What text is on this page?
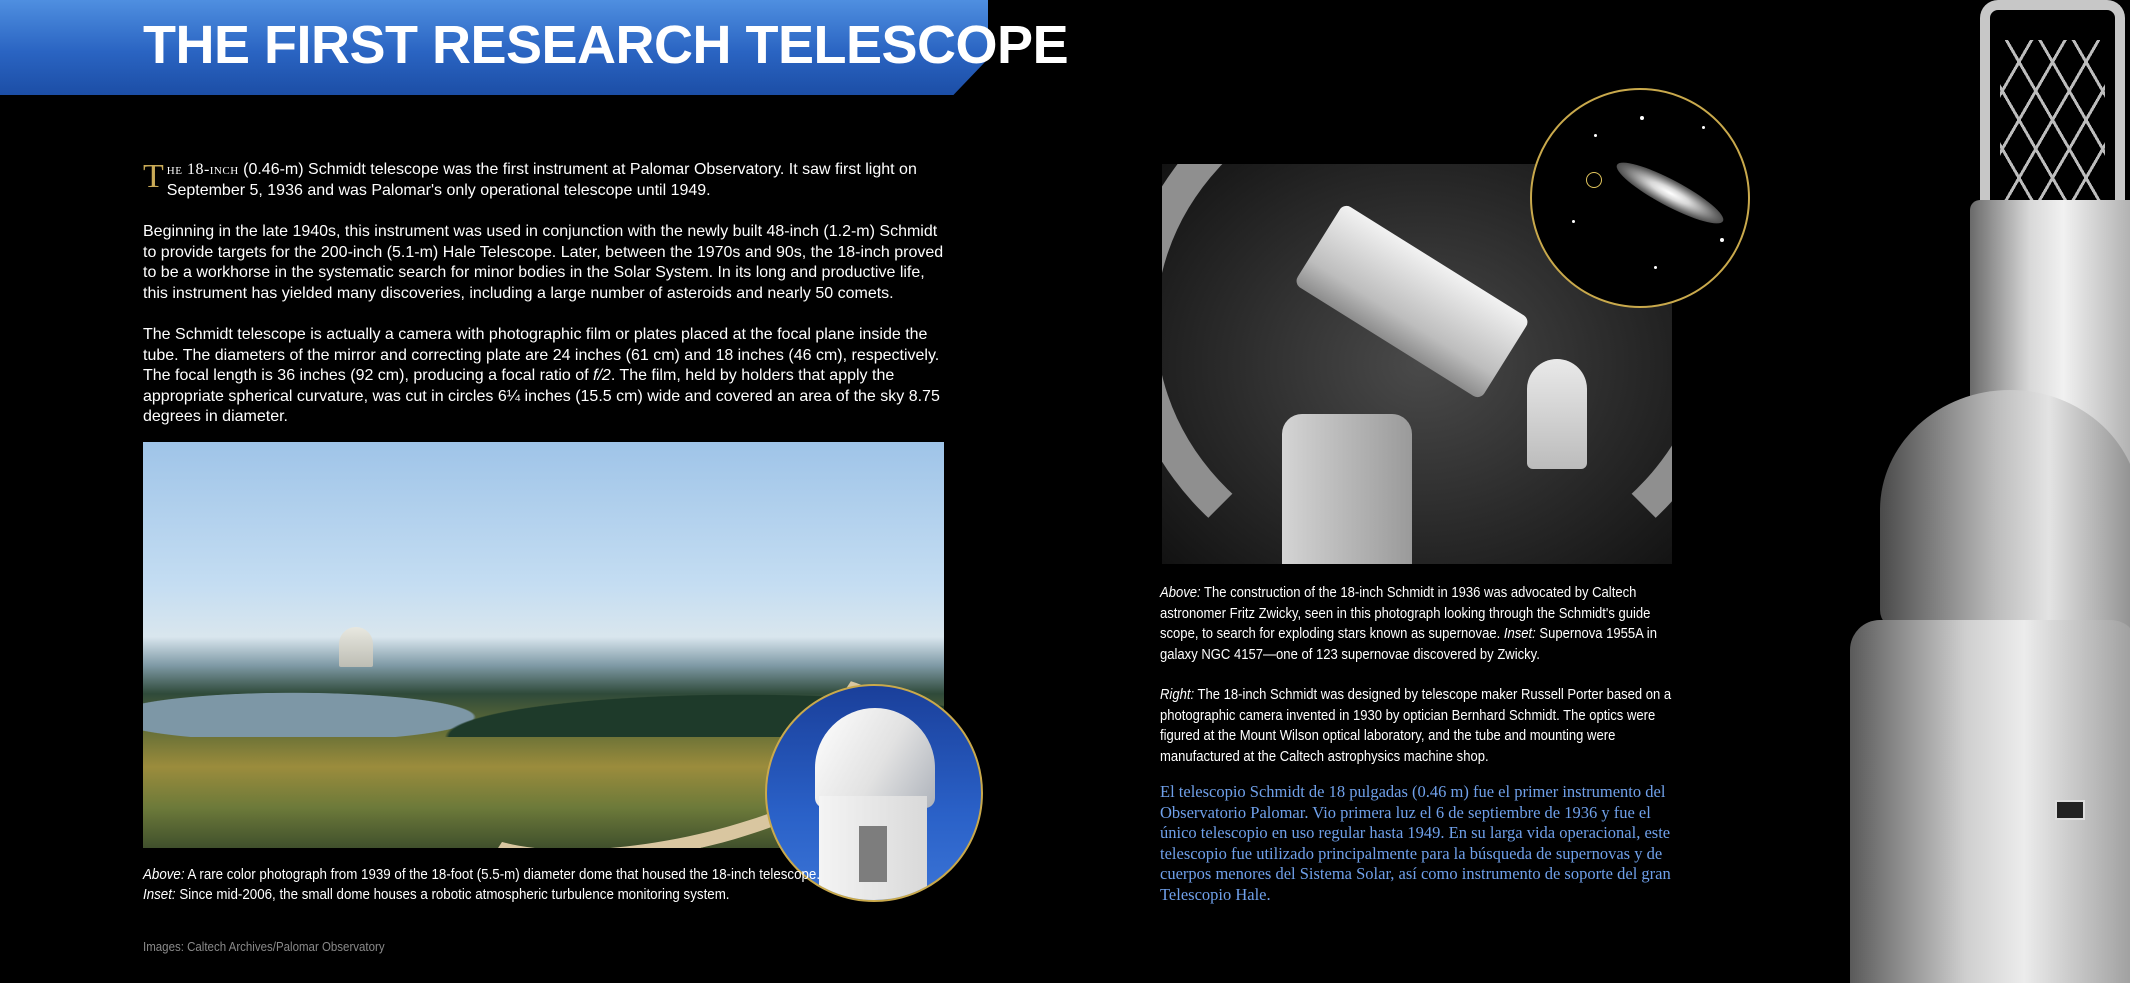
THE FIRST RESEARCH TELESCOPE

The 18-inch (0.46-m) Schmidt telescope was the first instrument at Palomar Observatory. It saw first light on September 5, 1936 and was Palomar's only operational telescope until 1949.

Beginning in the late 1940s, this instrument was used in conjunction with the newly built 48-inch (1.2-m) Schmidt to provide targets for the 200-inch (5.1-m) Hale Telescope. Later, between the 1970s and 90s, the 18-inch proved to be a workhorse in the systematic search for minor bodies in the Solar System. In its long and productive life, this instrument has yielded many discoveries, including a large number of asteroids and nearly 50 comets.

The Schmidt telescope is actually a camera with photographic film or plates placed at the focal plane inside the tube. The diameters of the mirror and correcting plate are 24 inches (61 cm) and 18 inches (46 cm), respectively. The focal length is 36 inches (92 cm), producing a focal ratio of f/2. The film, held by holders that apply the appropriate spherical curvature, was cut in circles 6¼ inches (15.5 cm) wide and covered an area of the sky 8.75 degrees in diameter.

Above: A rare color photograph from 1939 of the 18-foot (5.5-m) diameter dome that housed the 18-inch telescope.
Inset: Since mid-2006, the small dome houses a robotic atmospheric turbulence monitoring system.
Images: Caltech Archives/Palomar Observatory

Above: The construction of the 18-inch Schmidt in 1936 was advocated by Caltech astronomer Fritz Zwicky, seen in this photograph looking through the Schmidt's guide scope, to search for exploding stars known as supernovae. Inset: Supernova 1955A in galaxy NGC 4157—one of 123 supernovae discovered by Zwicky.

Right: The 18-inch Schmidt was designed by telescope maker Russell Porter based on a photographic camera invented in 1930 by optician Bernhard Schmidt. The optics were figured at the Mount Wilson optical laboratory, and the tube and mounting were manufactured at the Caltech astrophysics machine shop.

El telescopio Schmidt de 18 pulgadas (0.46 m) fue el primer instrumento del Observatorio Palomar. Vio primera luz el 6 de septiembre de 1936 y fue el único telescopio en uso regular hasta 1949. En su larga vida operacional, este telescopio fue utilizado principalmente para la búsqueda de supernovas y de cuerpos menores del Sistema Solar, así como instrumento de soporte del gran Telescopio Hale.
